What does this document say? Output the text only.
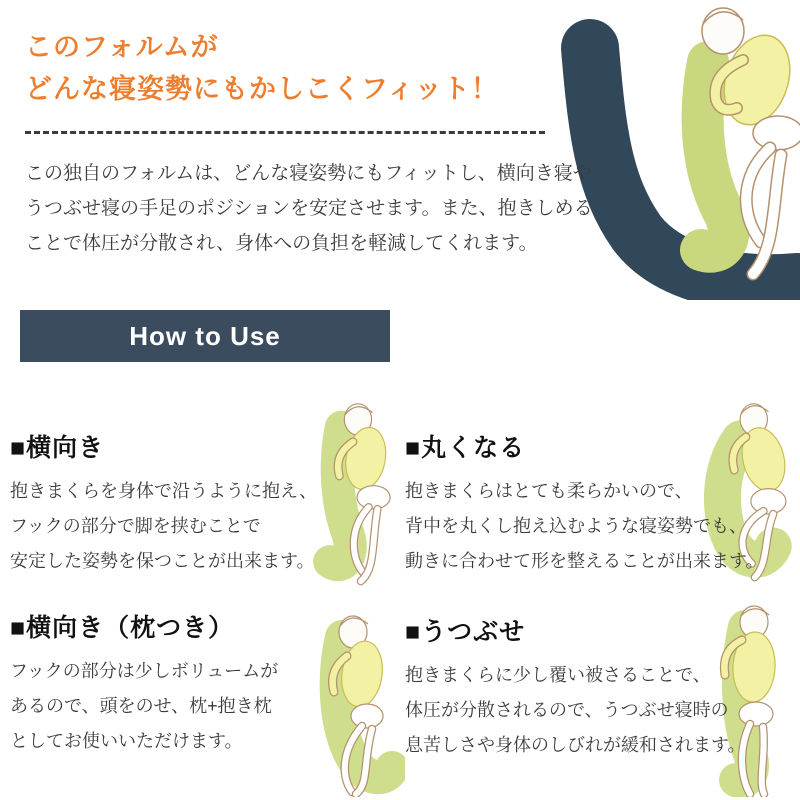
このフォルムが
どんな寝姿勢にもかしこくフィット！
この独自のフォルムは、どんな寝姿勢にもフィットし、横向き寝や
うつぶせ寝の手足のポジションを安定させます。また、抱きしめる
ことで体圧が分散され、身体への負担を軽減してくれます。
How to Use
■横向き
抱きまくらを身体で沿うように抱え、
フックの部分で脚を挟むことで
安定した姿勢を保つことが出来ます。
■丸くなる
抱きまくらはとても柔らかいので、
背中を丸くし抱え込むような寝姿勢でも、
動きに合わせて形を整えることが出来ます。
■横向き（枕つき）
フックの部分は少しボリュームが
あるので、頭をのせ、枕+抱き枕
としてお使いいただけます。
■うつぶせ
抱きまくらに少し覆い被さることで、
体圧が分散されるので、うつぶせ寝時の
息苦しさや身体のしびれが緩和されます。
